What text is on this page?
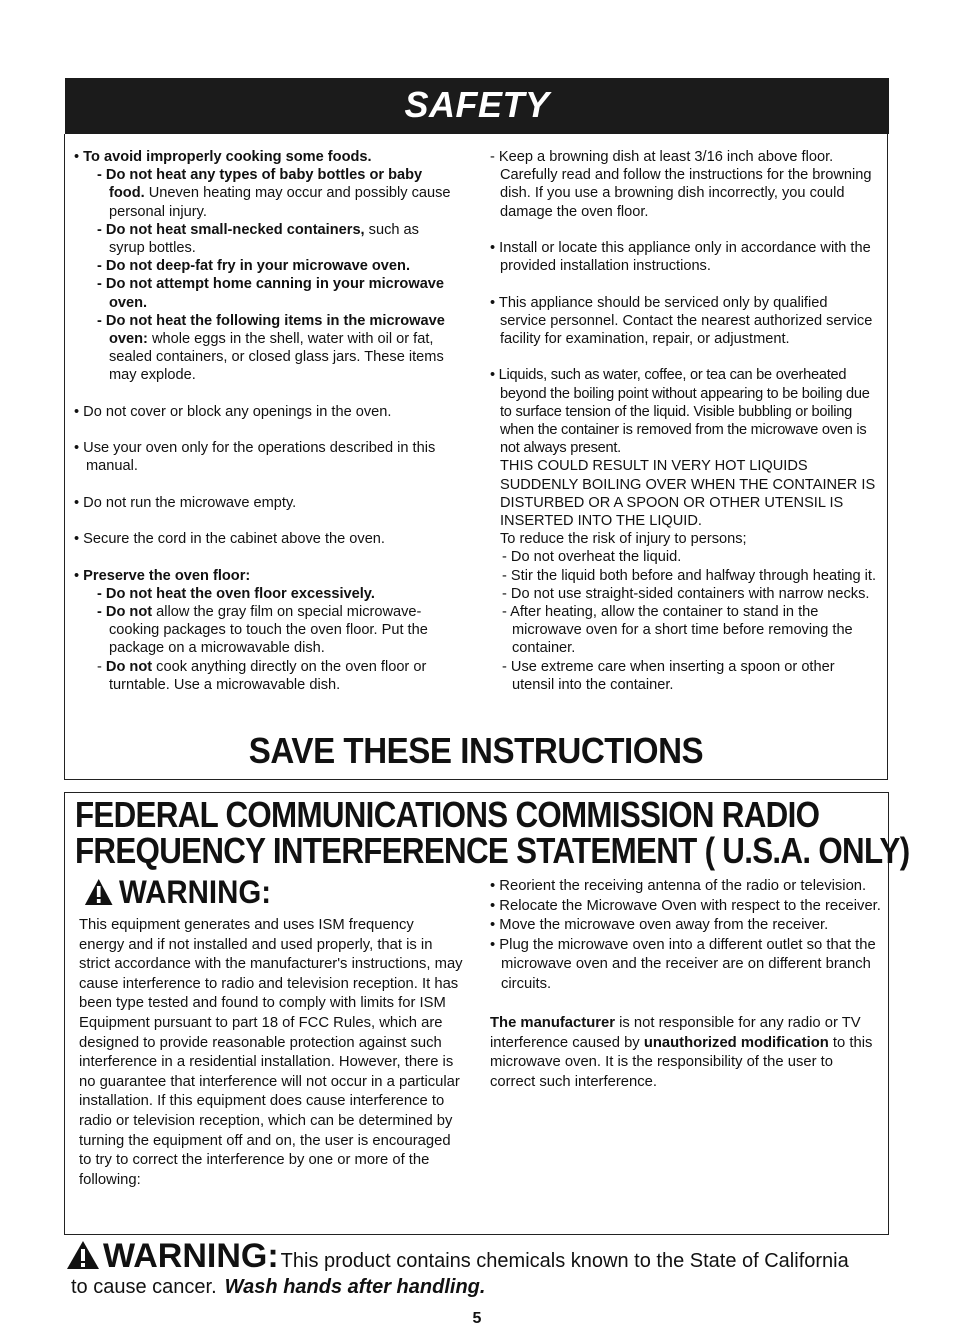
SAFETY

• To avoid improperly cooking some foods.

- Do not heat any types of baby bottles or baby food. Uneven heating may occur and possibly cause personal injury.

- Do not heat small-necked containers, such as syrup bottles.

- Do not deep-fat fry in your microwave oven.

- Do not attempt home canning in your microwave oven.

- Do not heat the following items in the microwave oven: whole eggs in the shell, water with oil or fat, sealed containers, or closed glass jars. These items may explode.

• Do not cover or block any openings in the oven.

• Use your oven only for the operations described in this manual.

• Do not run the microwave empty.

• Secure the cord in the cabinet above the oven.

• Preserve the oven floor:

- Do not heat the oven floor excessively.

- Do not allow the gray film on special microwave-cooking packages to touch the oven floor. Put the package on a microwavable dish.

- Do not cook anything directly on the oven floor or turntable. Use a microwavable dish.

- Keep a browning dish at least 3/16 inch above floor. Carefully read and follow the instructions for the browning dish. If you use a browning dish incorrectly, you could damage the oven floor.

• Install or locate this appliance only in accordance with the provided installation instructions.

• This appliance should be serviced only by qualified service personnel. Contact the nearest authorized service facility for examination, repair, or adjustment.

• Liquids, such as water, coffee, or tea can be overheated beyond the boiling point without appearing to be boiling due to surface tension of the liquid. Visible bubbling or boiling when the container is removed from the microwave oven is not always present.

THIS COULD RESULT IN VERY HOT LIQUIDS SUDDENLY BOILING OVER WHEN THE CONTAINER IS DISTURBED OR A SPOON OR OTHER UTENSIL IS INSERTED INTO THE LIQUID.

To reduce the risk of injury to persons;

- Do not overheat the liquid.

- Stir the liquid both before and halfway through heating it.

- Do not use straight-sided containers with narrow necks.

- After heating, allow the container to stand in the microwave oven for a short time before removing the container.

- Use extreme care when inserting a spoon or other utensil into the container.

SAVE THESE INSTRUCTIONS
FEDERAL COMMUNICATIONS COMMISSION RADIO
FREQUENCY INTERFERENCE STATEMENT ( U.S.A. ONLY)
WARNING:
This equipment generates and uses ISM frequency energy and if not installed and used properly, that is in strict accordance with the manufacturer's instructions, may cause interference to radio and television reception. It has been type tested and found to comply with limits for ISM Equipment pursuant to part 18 of FCC Rules, which are designed to provide reasonable protection against such interference in a residential installation. However, there is no guarantee that interference will not occur in a particular installation. If this equipment does cause interference to radio or television reception, which can be determined by turning the equipment off and on, the user is encouraged to try to correct the interference by one or more of the following:

• Reorient the receiving antenna of the radio or television.

• Relocate the Microwave Oven with respect to the receiver.

• Move the microwave oven away from the receiver.

• Plug the microwave oven into a different outlet so that the microwave oven and the receiver are on different branch circuits.

The manufacturer is not responsible for any radio or TV interference caused by unauthorized modification to this microwave oven. It is the responsibility of the user to correct such interference.

WARNING: This product contains chemicals known to the State of California
to cause cancer. Wash hands after handling.
5
